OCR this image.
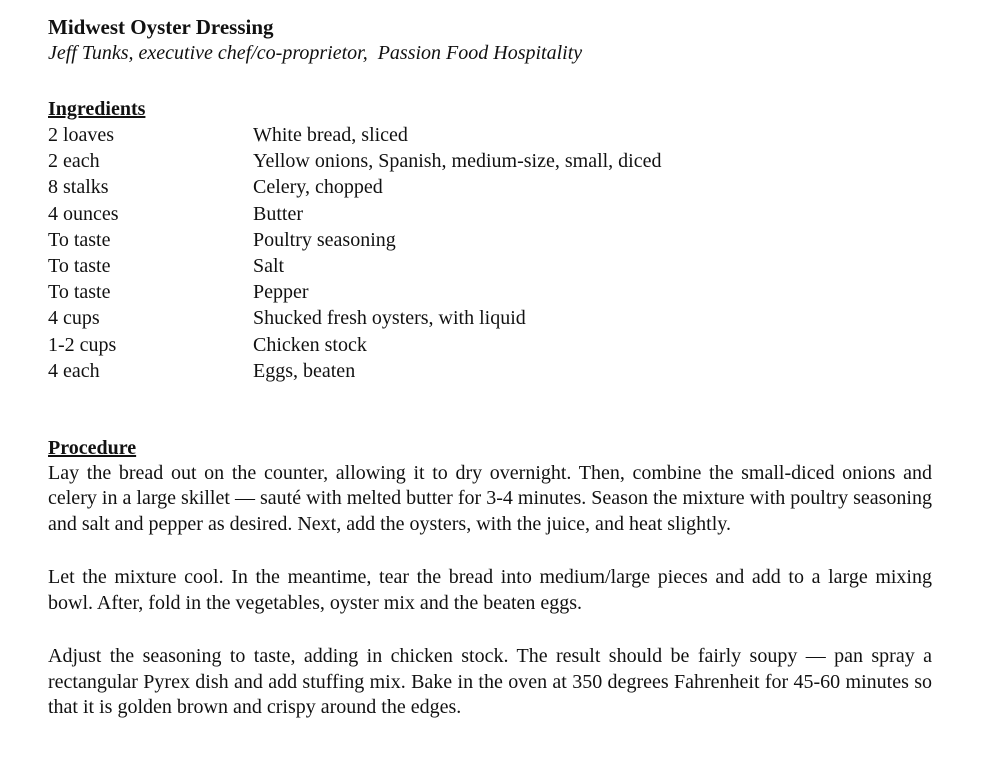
Midwest Oyster Dressing

Jeff Tunks, executive chef/co-proprietor,  Passion Food Hospitality

Ingredients
2 loaves	White bread, sliced
2 each	Yellow onions, Spanish, medium-size, small, diced
8 stalks	Celery, chopped
4 ounces	Butter
To taste	Poultry seasoning
To taste	Salt
To taste	Pepper
4 cups	Shucked fresh oysters, with liquid
1-2 cups	Chicken stock
4 each	Eggs, beaten
Procedure

Lay the bread out on the counter, allowing it to dry overnight. Then, combine the small-diced onions and celery in a large skillet — sauté with melted butter for 3-4 minutes. Season the mixture with poultry seasoning and salt and pepper as desired. Next, add the oysters, with the juice, and heat slightly.

Let the mixture cool. In the meantime, tear the bread into medium/large pieces and add to a large mixing bowl. After, fold in the vegetables, oyster mix and the beaten eggs.

Adjust the seasoning to taste, adding in chicken stock. The result should be fairly soupy — pan spray a rectangular Pyrex dish and add stuffing mix. Bake in the oven at 350 degrees Fahrenheit for 45-60 minutes so that it is golden brown and crispy around the edges.
